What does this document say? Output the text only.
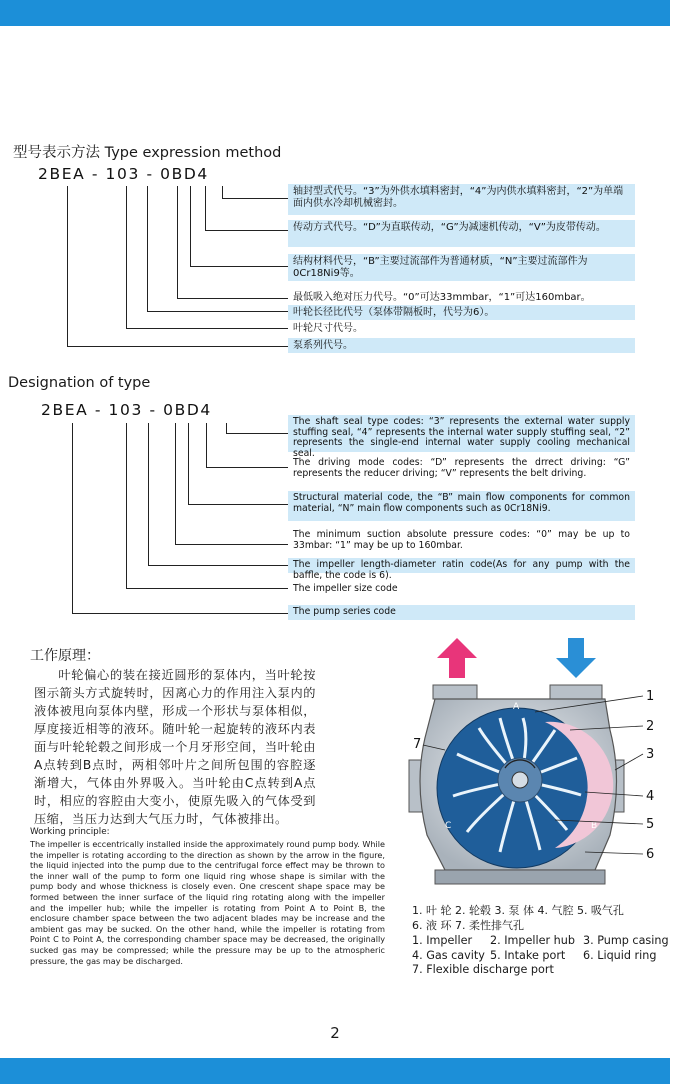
型号表示方法 Type expression method
2BEA - 103 - 0BD4
轴封型式代号。“3”为外供水填料密封，“4”为内供水填料密封，“2”为单端面内供水冷却机械密封。
传动方式代号。“D”为直联传动，“G”为减速机传动，“V”为皮带传动。
结构材料代号，“B”主要过流部件为普通材质，“N”主要过流部件为0Cr18Ni9等。
最低吸入绝对压力代号。“0”可达33mmbar，“1”可达160mbar。
叶轮长径比代号（泵体带隔板时，代号为6）。
叶轮尺寸代号。
泵系列代号。
Designation of type
2BEA - 103 - 0BD4
The shaft seal type codes: “3” represents the external water supply stuffing seal, “4” represents the internal water supply stuffing seal, “2” represents the single-end internal water supply cooling mechanical seal.
The driving mode codes: “D” represents the drrect driving: “G” represents the reducer driving; “V” represents the belt driving.
Structural material code, the “B” main flow components for common material, “N” main flow components such as 0Cr18Ni9.
The minimum suction absolute pressure codes: “0” may be up to 33mbar: “1” may be up to 160mbar.
The impeller length-diameter ratin code(As for any pump with the baffle, the code is 6).
The impeller size code
The pump series code
工作原理：
叶轮偏心的装在接近圆形的泵体内，当叶轮按图示箭头方式旋转时，因离心力的作用注入泵内的液体被甩向泵体内壁，形成一个形状与泵体相似，厚度接近相等的液环。随叶轮一起旋转的液环内表面与叶轮轮毂之间形成一个月牙形空间，当叶轮由A点转到B点时，两相邻叶片之间所包围的容腔逐渐增大，气体由外界吸入。当叶轮由C点转到A点时，相应的容腔由大变小，使原先吸入的气体受到压缩，当压力达到大气压力时，气体被排出。
Working principle:
The impeller is eccentrically installed inside the approximately round pump body. While the impeller is rotating according to the direction as shown by the arrow in the figure, the liquid injected into the pump due to the centrifugal force effect may be thrown to the inner wall of the pump to form one liquid ring whose shape is similar with the pump body and whose thickness is closely even. One crescent shape space may be formed between the inner surface of the liquid ring rotating along with the impeller and the impeller hub; while the impeller is rotating from Point A to Point B, the enclosure chamber space between the two adjacent blades may be increase and the ambient gas may be sucked. On the other hand, while the impeller is rotating from Point C to Point A, the corresponding chamber space may be decreased, the originally sucked gas may be compressed; while the pressure may be up to the atmospheric pressure, the gas may be discharged.
A
B
C
1
2
3
4
5
6
7
1. 叶 轮 2. 轮毂 3. 泵 体 4. 气腔 5. 吸气孔
6. 液 环 7. 柔性排气孔
1. Impeller	2. Impeller hub 3. Pump casing
4. Gas cavity 5. Intake port	6. Liquid ring
7. Flexible discharge port
2
